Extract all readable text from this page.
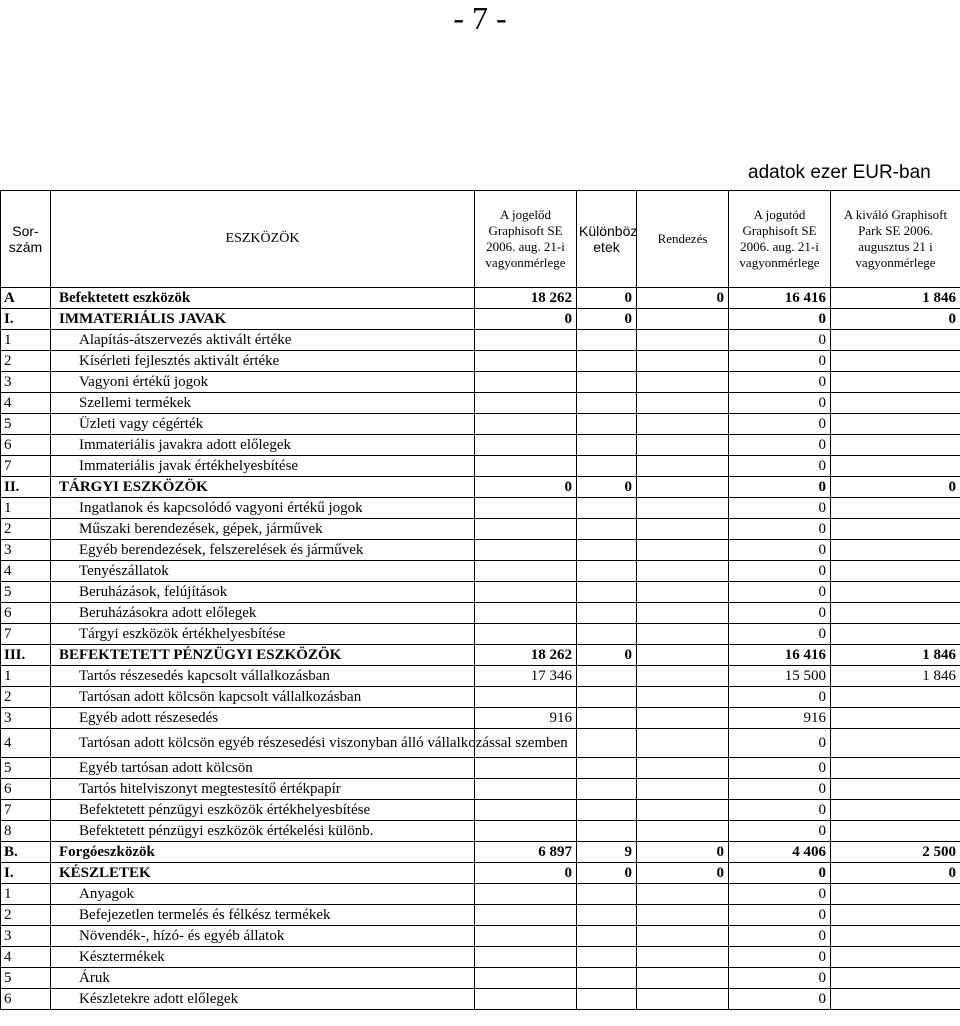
- 7 -
adatok ezer EUR-ban
Sor-
szám	ESZKÖZÖK	A jogelőd Graphisoft SE 2006. aug. 21-i vagyonmérlege	Különböz etek	Rendezés	A jogutód Graphisoft SE 2006. aug. 21-i vagyonmérlege	A kiváló Graphisoft Park SE 2006. augusztus 21 i vagyonmérlege
A	Befektetett eszközök	18 262	0	0	16 416	1 846
I.	IMMATERIÁLIS JAVAK	0	0		0	0
1	Alapítás-átszervezés aktivált értéke				0	
2	Kísérleti fejlesztés aktivált értéke				0	
3	Vagyoni értékű jogok				0	
4	Szellemi termékek				0	
5	Üzleti vagy cégérték				0	
6	Immateriális javakra adott előlegek				0	
7	Immateriális javak értékhelyesbítése				0	
II.	TÁRGYI ESZKÖZÖK	0	0		0	0
1	Ingatlanok és kapcsolódó vagyoni értékű jogok				0	
2	Műszaki berendezések, gépek, járművek				0	
3	Egyéb berendezések, felszerelések és járművek				0	
4	Tenyészállatok				0	
5	Beruházások, felújítások				0	
6	Beruházásokra adott előlegek				0	
7	Tárgyi eszközök értékhelyesbítése				0	
III.	BEFEKTETETT PÉNZÜGYI ESZKÖZÖK	18 262	0		16 416	1 846
1	Tartós részesedés kapcsolt vállalkozásban	17 346			15 500	1 846
2	Tartósan adott kölcsön kapcsolt vállalkozásban				0	
3	Egyéb adott részesedés	916			916	
4	Tartósan adott kölcsön egyéb részesedési viszonyban álló vállalkozással szemben				0	
5	Egyéb tartósan adott kölcsön				0	
6	Tartós hitelviszonyt megtestesítő értékpapír				0	
7	Befektetett pénzügyi eszközök értékhelyesbítése				0	
8	Befektetett pénzügyi eszközök értékelési különb.				0	
B.	Forgóeszközök	6 897	9	0	4 406	2 500
I.	KÉSZLETEK	0	0	0	0	0
1	Anyagok				0	
2	Befejezetlen termelés és félkész termékek				0	
3	Növendék-, hízó- és egyéb állatok				0	
4	Késztermékek				0	
5	Áruk				0	
6	Készletekre adott előlegek				0	
